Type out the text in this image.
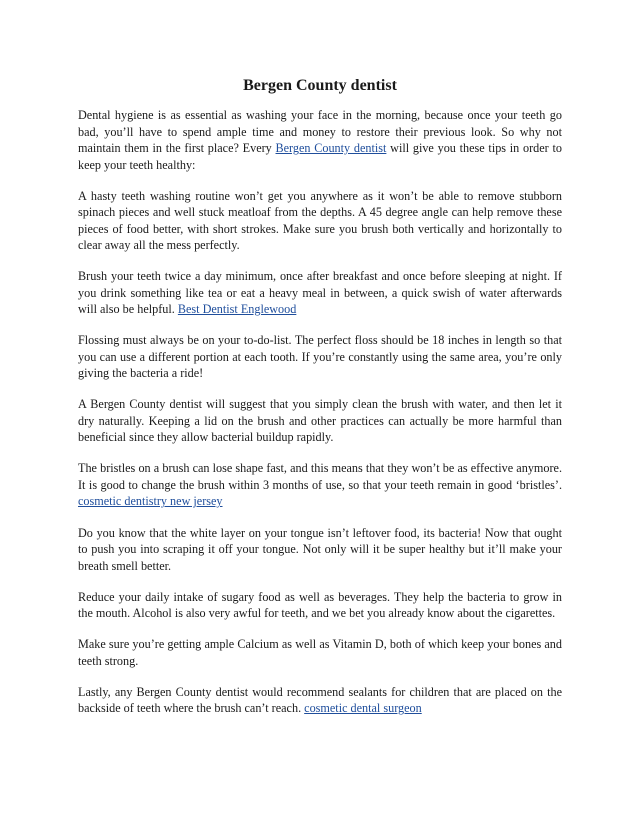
Bergen County dentist

Dental hygiene is as essential as washing your face in the morning, because once your teeth go bad, you’ll have to spend ample time and money to restore their previous look. So why not maintain them in the first place? Every Bergen County dentist will give you these tips in order to keep your teeth healthy:

A hasty teeth washing routine won’t get you anywhere as it won’t be able to remove stubborn spinach pieces and well stuck meatloaf from the depths. A 45 degree angle can help remove these pieces of food better, with short strokes. Make sure you brush both vertically and horizontally to clear away all the mess perfectly.

Brush your teeth twice a day minimum, once after breakfast and once before sleeping at night. If you drink something like tea or eat a heavy meal in between, a quick swish of water afterwards will also be helpful. Best Dentist Englewood

Flossing must always be on your to-do-list. The perfect floss should be 18 inches in length so that you can use a different portion at each tooth. If you’re constantly using the same area, you’re only giving the bacteria a ride!

A Bergen County dentist will suggest that you simply clean the brush with water, and then let it dry naturally. Keeping a lid on the brush and other practices can actually be more harmful than beneficial since they allow bacterial buildup rapidly.

The bristles on a brush can lose shape fast, and this means that they won’t be as effective anymore. It is good to change the brush within 3 months of use, so that your teeth remain in good ‘bristles’. cosmetic dentistry new jersey

Do you know that the white layer on your tongue isn’t leftover food, its bacteria! Now that ought to push you into scraping it off your tongue. Not only will it be super healthy but it’ll make your breath smell better.

Reduce your daily intake of sugary food as well as beverages. They help the bacteria to grow in the mouth. Alcohol is also very awful for teeth, and we bet you already know about the cigarettes.

Make sure you’re getting ample Calcium as well as Vitamin D, both of which keep your bones and teeth strong.

Lastly, any Bergen County dentist would recommend sealants for children that are placed on the backside of teeth where the brush can’t reach. cosmetic dental surgeon
